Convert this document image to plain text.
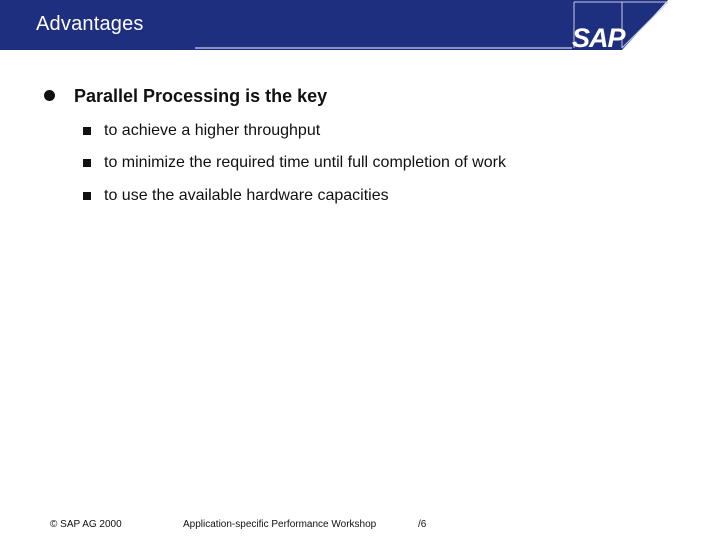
Advantages	SAP
Parallel Processing is the key
to achieve a higher throughput
to minimize the required time until full completion of work
to use the available hardware capacities
© SAP AG 2000	Application-specific Performance Workshop	/6
